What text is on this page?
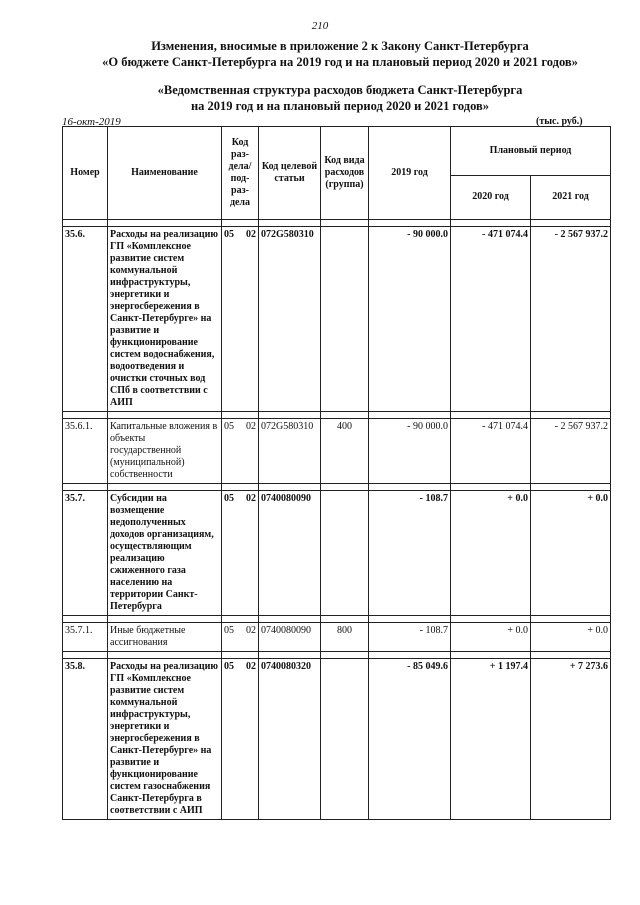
210
Изменения, вносимые в приложение 2 к Закону Санкт-Петербурга
«О бюджете Санкт-Петербурга на 2019 год и на плановый период 2020 и 2021 годов»
«Ведомственная структура расходов бюджета Санкт-Петербурга
на 2019 год и на плановый период 2020 и 2021 годов»
16-окт-2019	(тыс. руб.)
Номер	Наименование	Код раз-дела/ под-раз-дела	Код целевой статьи	Код вида расходов (группа)	2019 год	Плановый период	
						2020 год	2021 год

35.6.	Расходы на реализацию ГП «Комплексное развитие систем коммунальной инфраструктуры, энергетики и энергосбережения в Санкт-Петербурге» на развитие и функционирование систем водоснабжения, водоотведения и очистки сточных вод СПб в соответствии с АИП	05 02	072G580310		- 90 000.0	- 471 074.4	- 2 567 937.2

35.6.1.	Капитальные вложения в объекты государственной (муниципальной) собственности	05 02	072G580310	400	- 90 000.0	- 471 074.4	- 2 567 937.2

35.7.	Субсидии на возмещение недополученных доходов организациям, осуществляющим реализацию сжиженного газа населению на территории Санкт-Петербурга	05 02	0740080090		- 108.7	+ 0.0	+ 0.0

35.7.1.	Иные бюджетные ассигнования	05 02	0740080090	800	- 108.7	+ 0.0	+ 0.0

35.8.	Расходы на реализацию ГП «Комплексное развитие систем коммунальной инфраструктуры, энергетики и энергосбережения в Санкт-Петербурге» на развитие и функционирование систем газоснабжения Санкт-Петербурга в соответствии с АИП	05 02	0740080320		- 85 049.6	+ 1 197.4	+ 7 273.6
